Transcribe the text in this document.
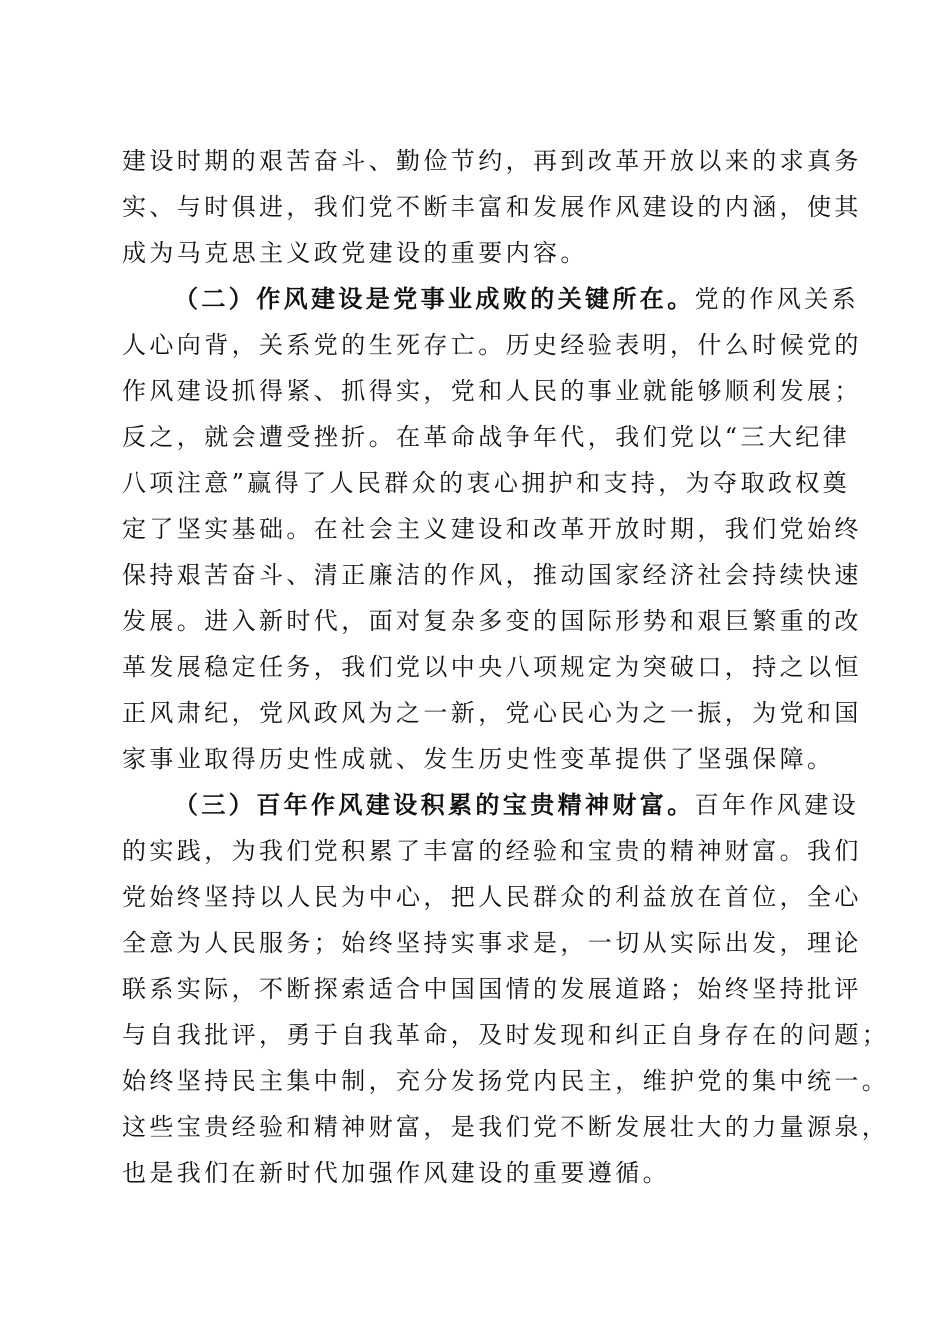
建设时期的艰苦奋斗、勤俭节约，再到改革开放以来的求真务
实、与时俱进，我们党不断丰富和发展作风建设的内涵，使其
成为马克思主义政党建设的重要内容。
（二）作风建设是党事业成败的关键所在。党的作风关系
人心向背，关系党的生死存亡。历史经验表明，什么时候党的
作风建设抓得紧、抓得实，党和人民的事业就能够顺利发展；
反之，就会遭受挫折。在革命战争年代，我们党以“三大纪律
八项注意”赢得了人民群众的衷心拥护和支持，为夺取政权奠
定了坚实基础。在社会主义建设和改革开放时期，我们党始终
保持艰苦奋斗、清正廉洁的作风，推动国家经济社会持续快速
发展。进入新时代，面对复杂多变的国际形势和艰巨繁重的改
革发展稳定任务，我们党以中央八项规定为突破口，持之以恒
正风肃纪，党风政风为之一新，党心民心为之一振，为党和国
家事业取得历史性成就、发生历史性变革提供了坚强保障。
（三）百年作风建设积累的宝贵精神财富。百年作风建设
的实践，为我们党积累了丰富的经验和宝贵的精神财富。我们
党始终坚持以人民为中心，把人民群众的利益放在首位，全心
全意为人民服务；始终坚持实事求是，一切从实际出发，理论
联系实际，不断探索适合中国国情的发展道路；始终坚持批评
与自我批评，勇于自我革命，及时发现和纠正自身存在的问题；
始终坚持民主集中制，充分发扬党内民主，维护党的集中统一。
这些宝贵经验和精神财富，是我们党不断发展壮大的力量源泉，
也是我们在新时代加强作风建设的重要遵循。
